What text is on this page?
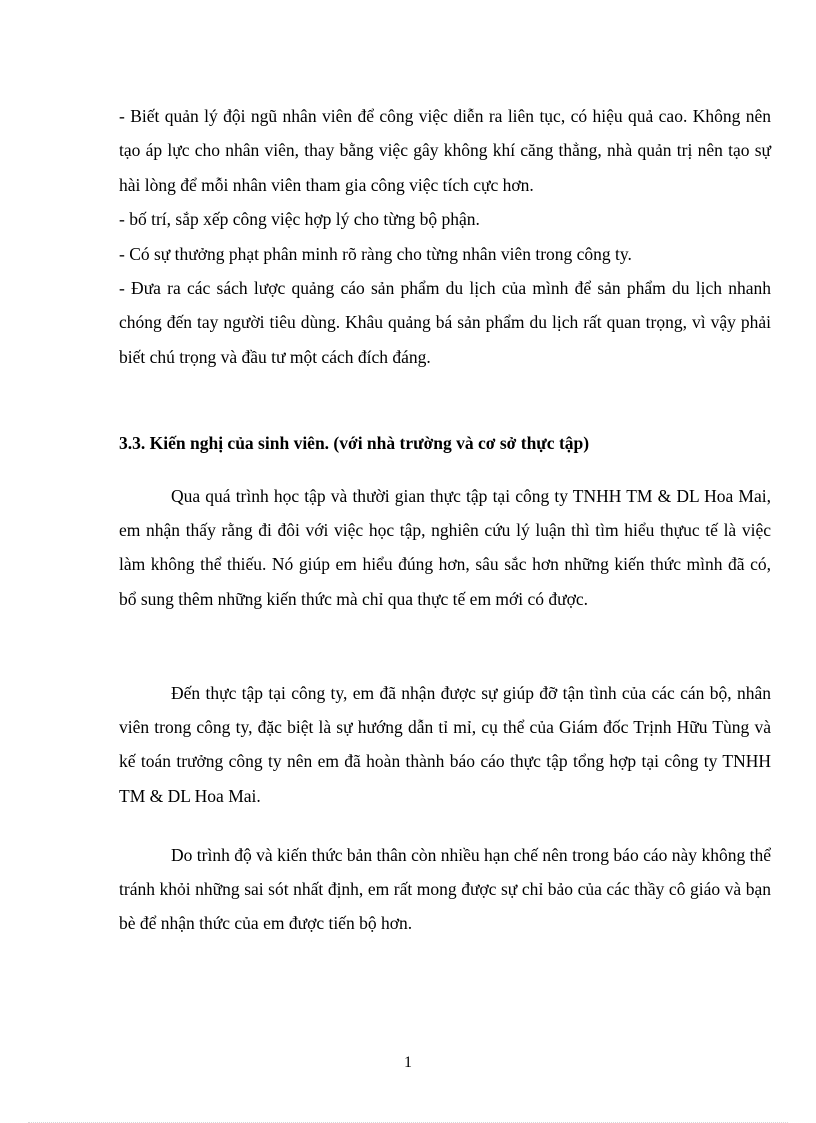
- Biết quản lý đội ngũ nhân viên để công việc diễn ra liên tục, có hiệu quả cao. Không nên tạo áp lực cho nhân viên, thay bằng việc gây không khí căng thẳng, nhà quản trị nên tạo sự hài lòng để mỗi nhân viên tham gia công việc tích cực hơn.

- bố trí, sắp xếp công việc hợp lý cho từng bộ phận.

- Có sự thưởng phạt phân minh rõ ràng cho từng nhân viên trong công ty.

- Đưa ra các sách lược quảng cáo sản phẩm du lịch của mình để sản phẩm du lịch nhanh chóng đến tay người tiêu dùng. Khâu quảng bá sản phẩm du lịch rất quan trọng, vì vậy phải biết chú trọng và đầu tư một cách đích đáng.

3.3. Kiến nghị của sinh viên. (với nhà trường và cơ sở thực tập)

Qua quá trình học tập và thười gian thực tập tại công ty TNHH TM & DL Hoa Mai, em nhận thấy rằng đi đôi với việc học tập, nghiên cứu lý luận thì tìm hiểu thựuc tế là việc làm không thể thiếu. Nó giúp em hiểu đúng hơn, sâu sắc hơn những kiến thức mình đã có, bổ sung thêm những kiến thức mà chỉ qua thực tế em mới có được.

Đến thực tập tại công ty, em đã nhận được sự giúp đỡ tận tình của các cán bộ, nhân viên trong công ty, đặc biệt là sự hướng dẫn tỉ mỉ, cụ thể của Giám đốc Trịnh Hữu Tùng và kế toán trưởng công ty nên em đã hoàn thành báo cáo thực tập tổng hợp tại công ty TNHH TM & DL Hoa Mai.

Do trình độ và kiến thức bản thân còn nhiều hạn chế nên trong báo cáo này không thể tránh khỏi những sai sót nhất định, em rất mong được sự chỉ bảo của các thầy cô giáo và bạn bè để nhận thức của em được tiến bộ hơn.

1
